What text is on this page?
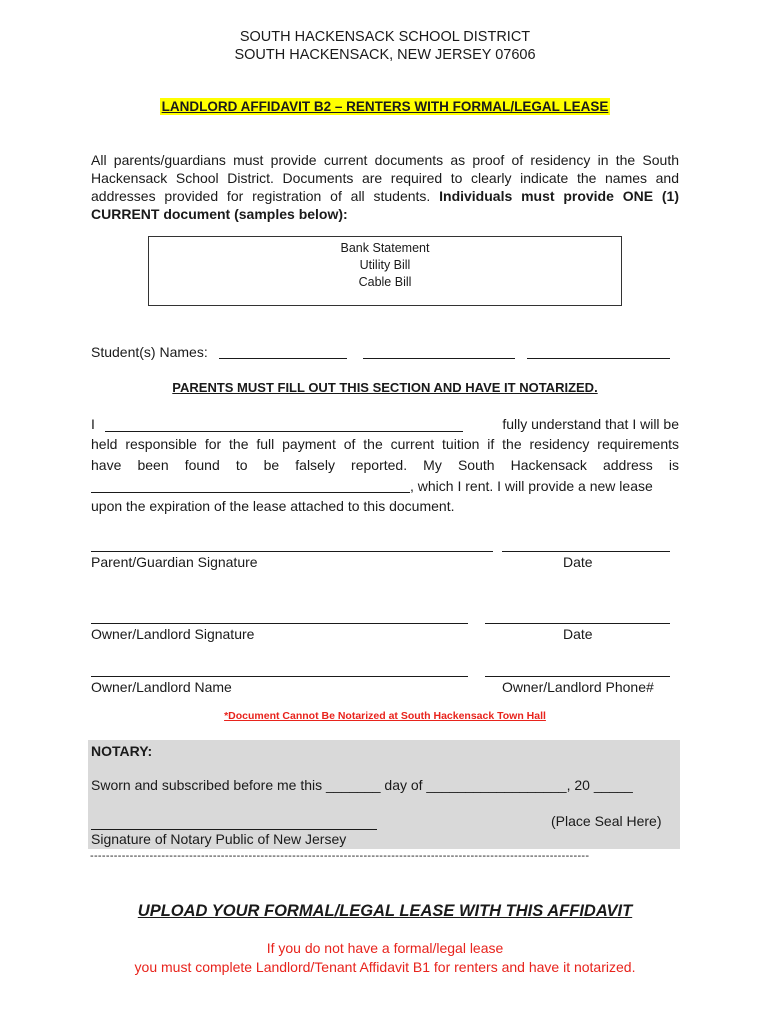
SOUTH HACKENSACK SCHOOL DISTRICT
SOUTH HACKENSACK, NEW JERSEY 07606
LANDLORD AFFIDAVIT B2 – RENTERS WITH FORMAL/LEGAL LEASE
All parents/guardians must provide current documents as proof of residency in the South Hackensack School District. Documents are required to clearly indicate the names and addresses provided for registration of all students. Individuals must provide ONE (1) CURRENT document (samples below):
Bank Statement
Utility Bill
Cable Bill
Student(s) Names:
PARENTS MUST FILL OUT THIS SECTION AND HAVE IT NOTARIZED.
I	fully understand that I will be
held responsible for the full payment of the current tuition if the residency requirements
have been found to be falsely reported. My South Hackensack address is
, which I rent. I will provide a new lease
upon the expiration of the lease attached to this document.
Parent/Guardian Signature	Date
Owner/Landlord Signature	Date
Owner/Landlord Name	Owner/Landlord Phone#
*Document Cannot Be Notarized at South Hackensack Town Hall
NOTARY:
Sworn and subscribed before me this _______ day of __________________, 20 _____
(Place Seal Here)
Signature of Notary Public of New Jersey
------------------------------------------------------------------------------------------------------------------------------
UPLOAD YOUR FORMAL/LEGAL LEASE WITH THIS AFFIDAVIT
If you do not have a formal/legal lease
you must complete Landlord/Tenant Affidavit B1 for renters and have it notarized.
